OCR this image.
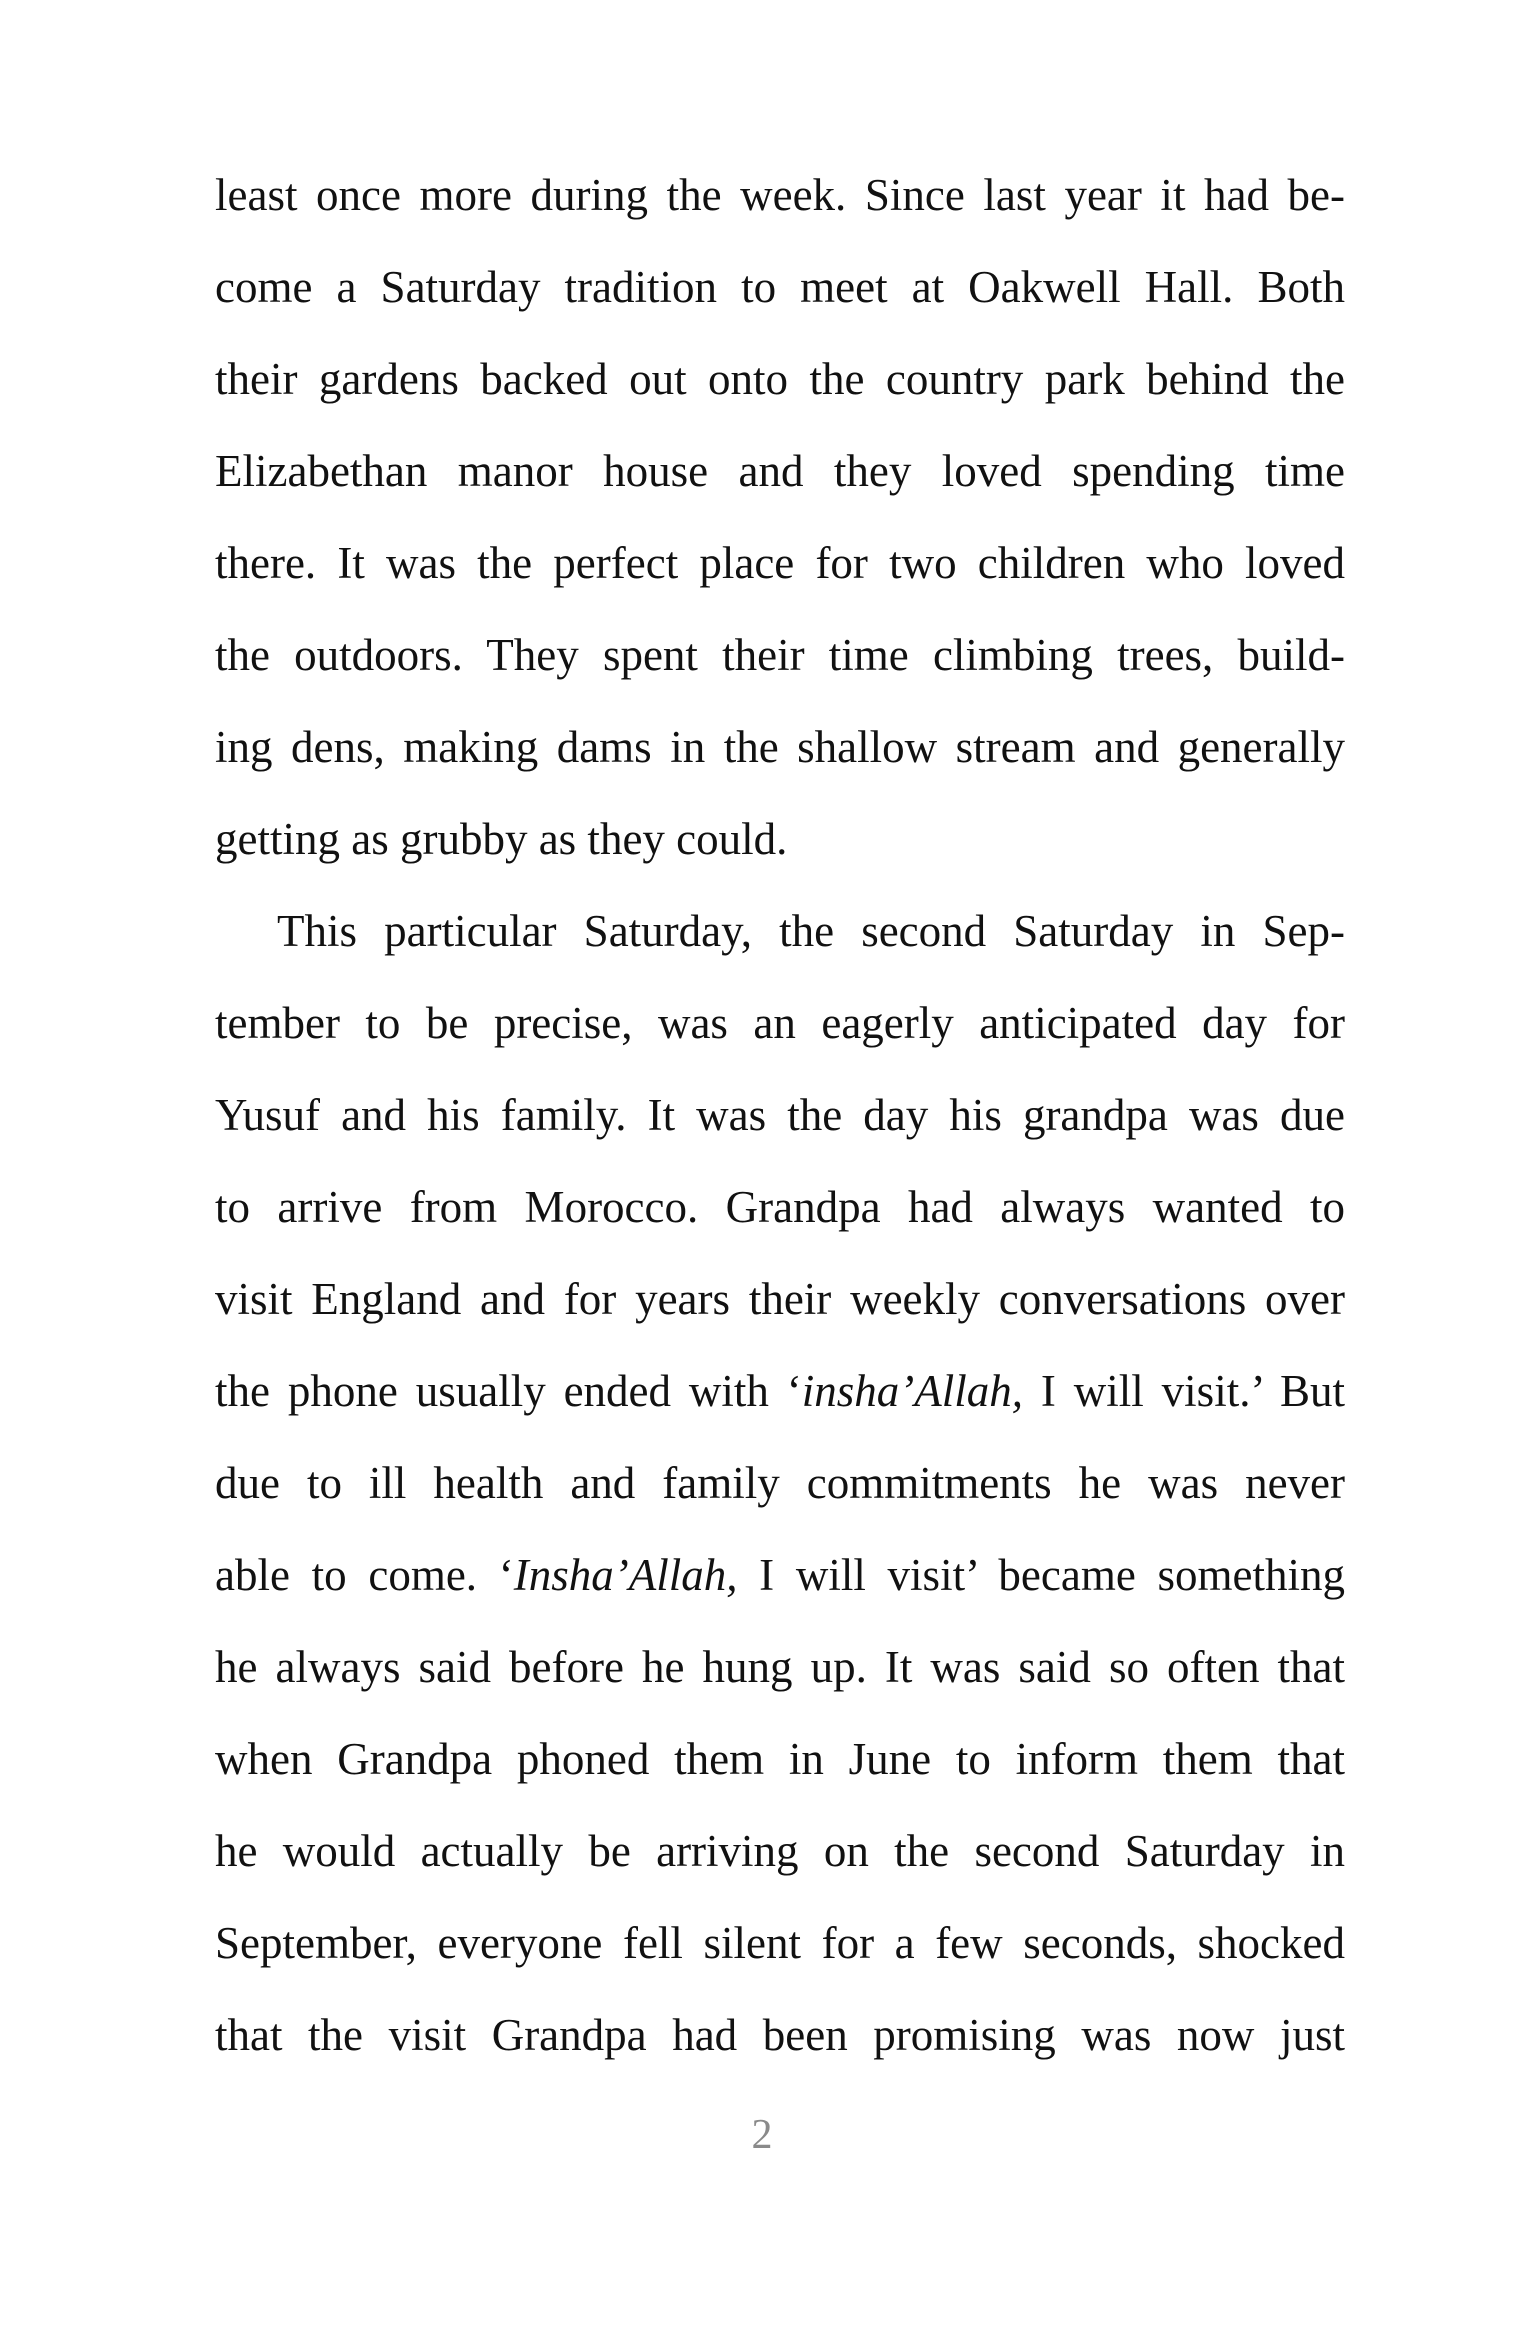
least once more during the week. Since last year it had be-
come a Saturday tradition to meet at Oakwell Hall. Both
their gardens backed out onto the country park behind the
Elizabethan manor house and they loved spending time
there. It was the perfect place for two children who loved
the outdoors. They spent their time climbing trees, build-
ing dens, making dams in the shallow stream and generally
getting as grubby as they could.
This particular Saturday, the second Saturday in Sep-
tember to be precise, was an eagerly anticipated day for
Yusuf and his family. It was the day his grandpa was due
to arrive from Morocco. Grandpa had always wanted to
visit England and for years their weekly conversations over
the phone usually ended with ‘insha’Allah, I will visit.’ But
due to ill health and family commitments he was never
able to come. ‘Insha’Allah, I will visit’ became something
he always said before he hung up. It was said so often that
when Grandpa phoned them in June to inform them that
he would actually be arriving on the second Saturday in
September, everyone fell silent for a few seconds, shocked
that the visit Grandpa had been promising was now just
2
